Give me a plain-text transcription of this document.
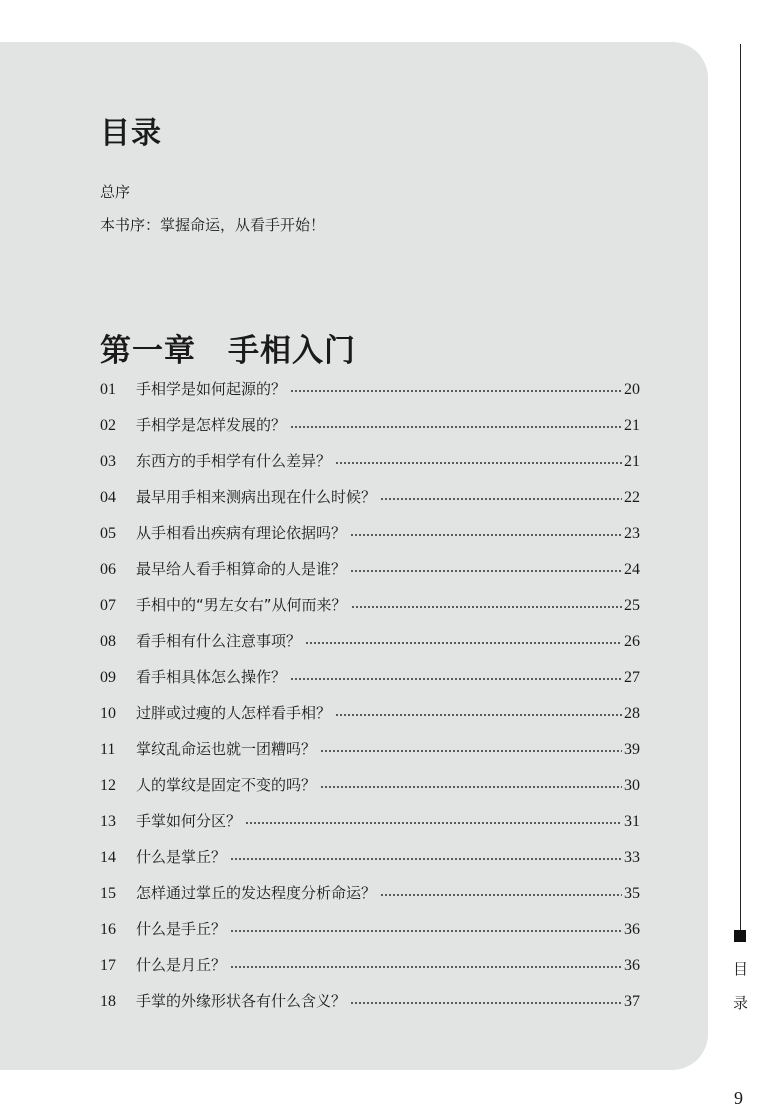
目录
总序
本书序：掌握命运，从看手开始！
第一章　手相入门
01	手相学是如何起源的？	20
02	手相学是怎样发展的？	21
03	东西方的手相学有什么差异？	21
04	最早用手相来测病出现在什么时候？	22
05	从手相看出疾病有理论依据吗？	23
06	最早给人看手相算命的人是谁？	24
07	手相中的“男左女右”从何而来？	25
08	看手相有什么注意事项？	26
09	看手相具体怎么操作？	27
10	过胖或过瘦的人怎样看手相？	28
11	掌纹乱命运也就一团糟吗？	39
12	人的掌纹是固定不变的吗？	30
13	手掌如何分区？	31
14	什么是掌丘？	33
15	怎样通过掌丘的发达程度分析命运？	35
16	什么是手丘？	36
17	什么是月丘？	36
18	手掌的外缘形状各有什么含义？	37
目
录
9
